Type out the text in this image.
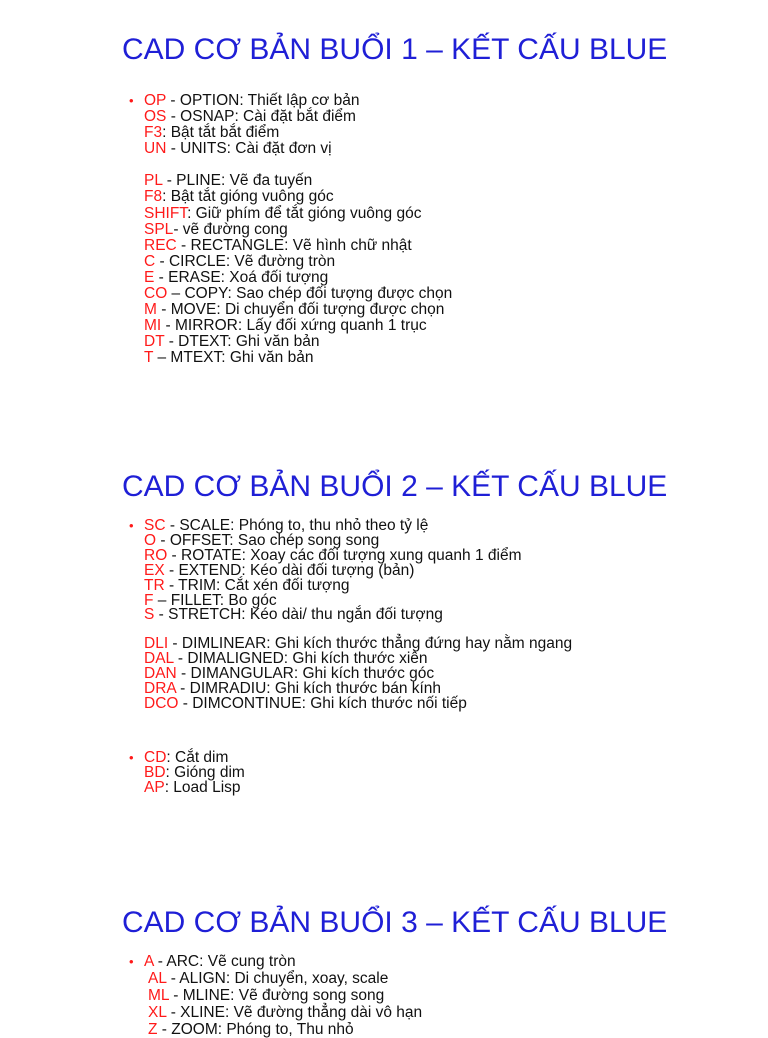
CAD CƠ BẢN BUỔI 1 – KẾT CẤU BLUE
• OP - OPTION: Thiết lập cơ bản
OS - OSNAP: Cài đặt bắt điểm
F3: Bật tắt bắt điểm
UN - UNITS: Cài đặt đơn vị
PL - PLINE: Vẽ đa tuyến
F8: Bật tắt gióng vuông góc
SHIFT: Giữ phím để tắt gióng vuông góc
SPL- vẽ đường cong
REC - RECTANGLE: Vẽ hình chữ nhật
C - CIRCLE: Vẽ đường tròn
E - ERASE: Xoá đối tượng
CO – COPY: Sao chép đối tượng được chọn
M - MOVE: Di chuyển đối tượng được chọn
MI - MIRROR: Lấy đối xứng quanh 1 trục
DT - DTEXT: Ghi văn bản
T – MTEXT: Ghi văn bản
CAD CƠ BẢN BUỔI 2 – KẾT CẤU BLUE
• SC - SCALE: Phóng to, thu nhỏ theo tỷ lệ
O - OFFSET: Sao chép song song
RO - ROTATE: Xoay các đối tượng xung quanh 1 điểm
EX - EXTEND: Kéo dài đối tượng (bản)
TR - TRIM: Cắt xén đối tượng
F – FILLET: Bo góc
S - STRETCH: Kéo dài/ thu ngắn đối tượng
DLI - DIMLINEAR: Ghi kích thước thẳng đứng hay nằm ngang
DAL - DIMALIGNED: Ghi kích thước xiên
DAN - DIMANGULAR: Ghi kích thước góc
DRA - DIMRADIU: Ghi kích thước bán kính
DCO - DIMCONTINUE: Ghi kích thước nối tiếp
• CD: Cắt dim
BD: Gióng dim
AP: Load Lisp
CAD CƠ BẢN BUỔI 3 – KẾT CẤU BLUE
• A - ARC: Vẽ cung tròn
AL - ALIGN: Di chuyển, xoay, scale
ML - MLINE: Vẽ đường song song
XL - XLINE: Vẽ đường thẳng dài vô hạn
Z - ZOOM: Phóng to, Thu nhỏ
